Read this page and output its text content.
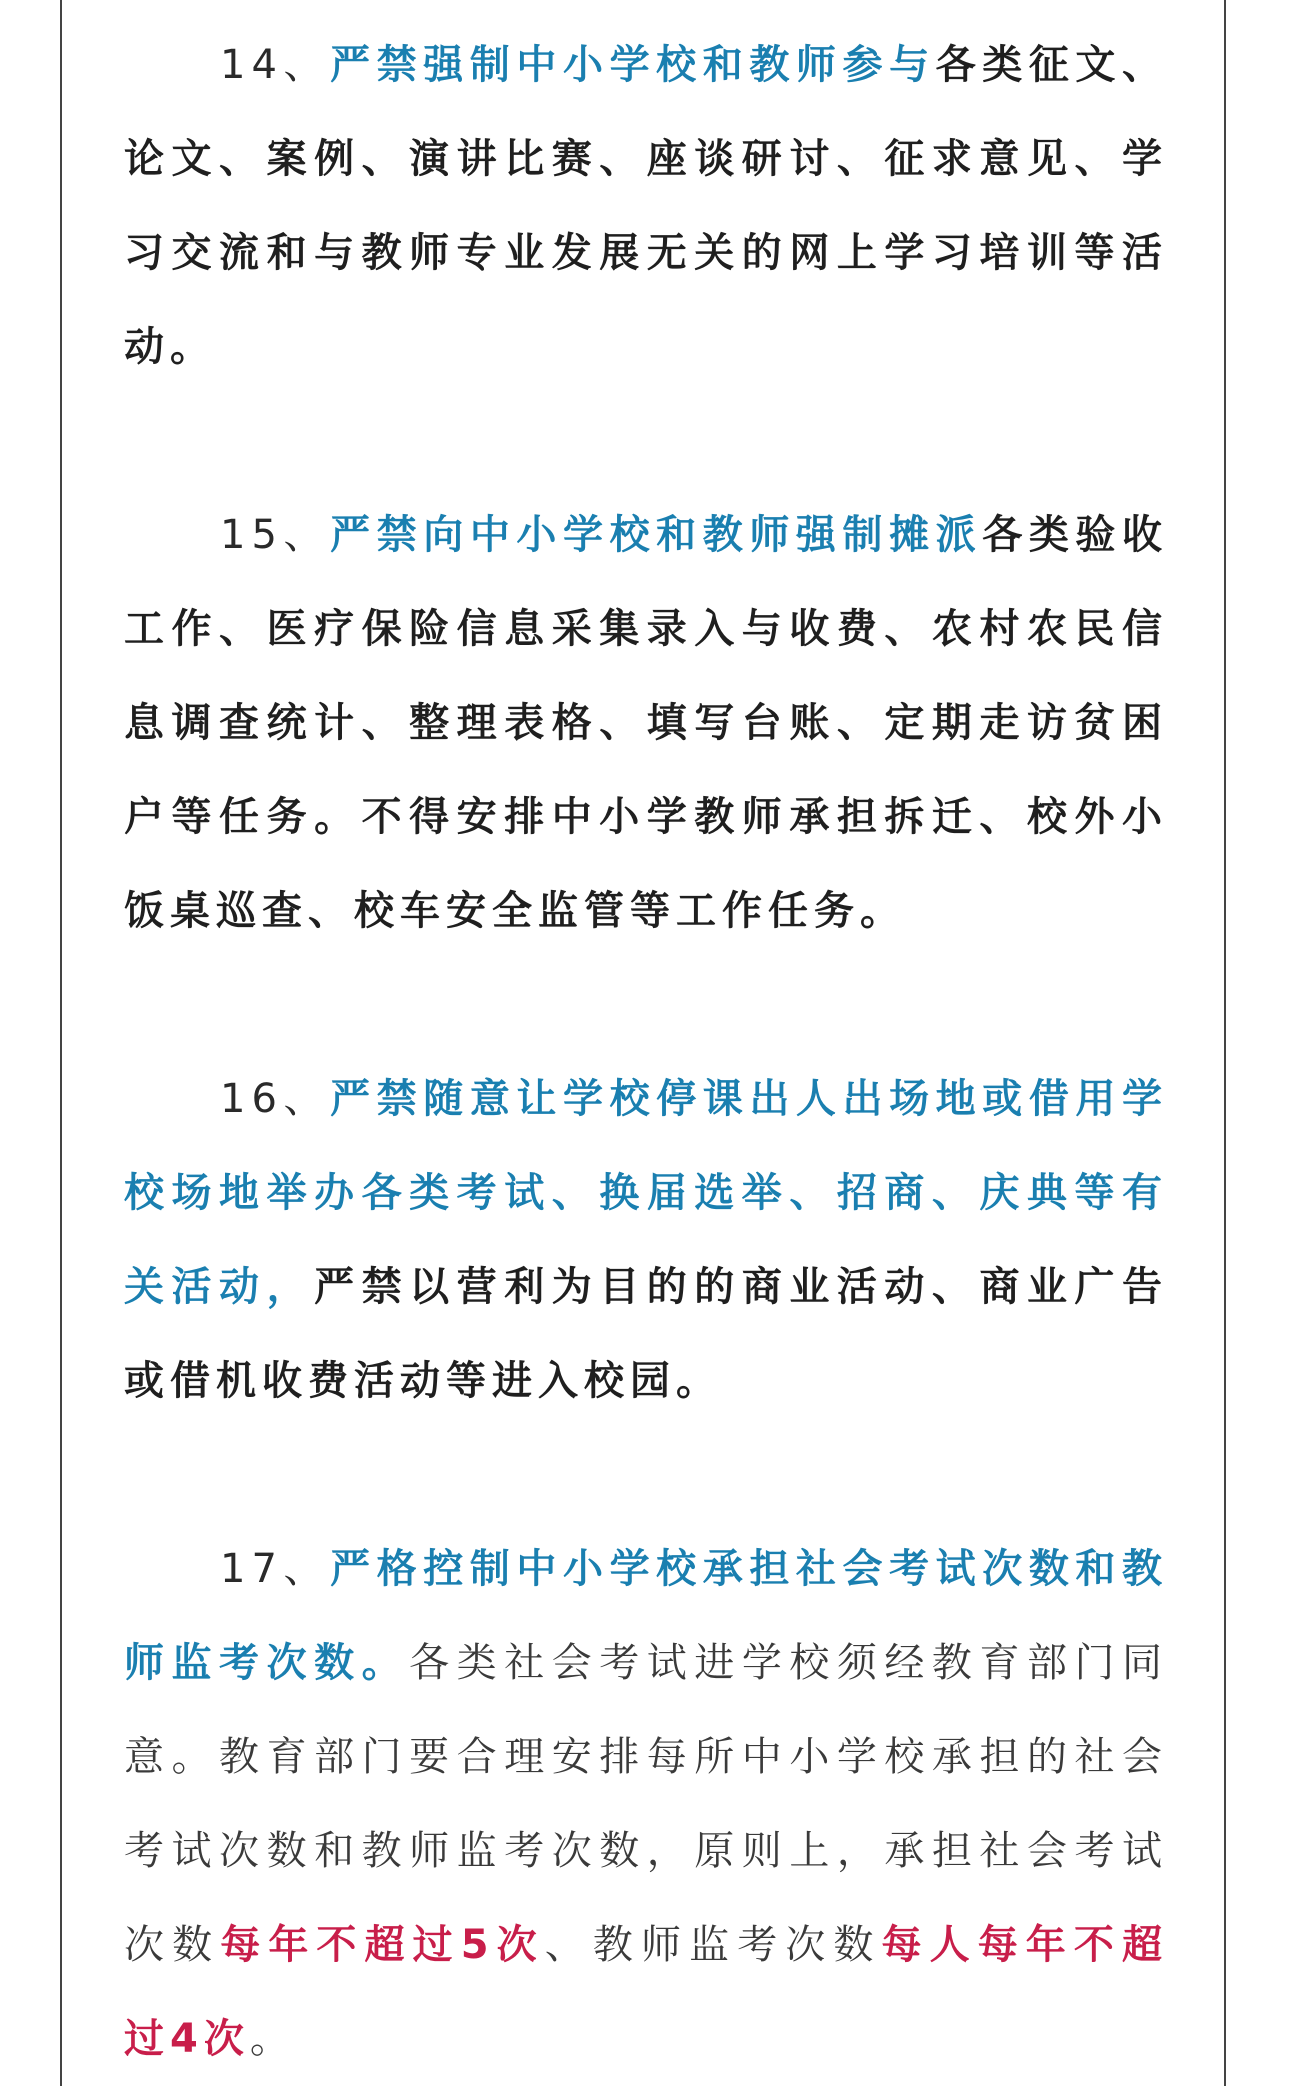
14、严禁强制中小学校和教师参与各类征文、论文、案例、演讲比赛、座谈研讨、征求意见、学习交流和与教师专业发展无关的网上学习培训等活动。

15、严禁向中小学校和教师强制摊派各类验收工作、医疗保险信息采集录入与收费、农村农民信息调查统计、整理表格、填写台账、定期走访贫困户等任务。不得安排中小学教师承担拆迁、校外小饭桌巡查、校车安全监管等工作任务。

16、严禁随意让学校停课出人出场地或借用学校场地举办各类考试、换届选举、招商、庆典等有关活动，严禁以营利为目的的商业活动、商业广告或借机收费活动等进入校园。

17、严格控制中小学校承担社会考试次数和教师监考次数。各类社会考试进学校须经教育部门同意。教育部门要合理安排每所中小学校承担的社会考试次数和教师监考次数，原则上，承担社会考试次数每年不超过5次、教师监考次数每人每年不超过4次。
